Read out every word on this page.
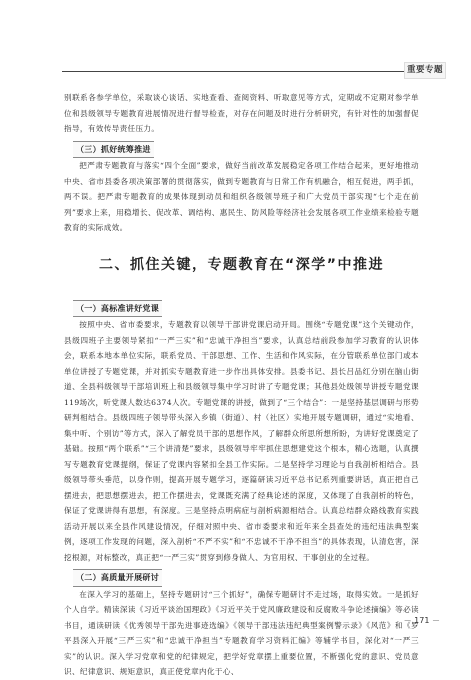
重要专题

别联系各参学单位，采取谈心谈话、实地查看、查阅资料、听取意见等方式，定期或不定期对参学单位和县级领导专题教育进展情况进行督导检查，对存在问题及时进行分析研究，有针对性的加强督促指导，有效传导责任压力。

（三）抓好统筹推进

把严肃专题教育与落实“四个全面”要求，做好当前改革发展稳定各项工作结合起来，更好地推动中央、省市县委各项决策部署的贯彻落实，做到专题教育与日常工作有机融合，相互促进，两手抓，两不误。把严肃专题教育的成果体现到动员和组织各级领导班子和广大党员干部实现“七个走在前列”要求上来，用稳增长、促改革、调结构、惠民生、防风险等经济社会发展各项工作业绩来检验专题教育的实际成效。

二、抓住关键，专题教育在“深学”中推进
（一）高标准讲好党课

按照中央、省市委要求，专题教育以领导干部讲党课启动开局。围绕“专题党课”这个关键动作，县级四班子主要领导紧扣“一严三实”和“忠诚干净担当”要求，认真总结前段参加学习教育的认识体会，联系本地本单位实际，联系党员、干部思想、工作、生活和作风实际，在分管联系单位部门或本单位讲授了专题党课，并对抓实专题教育进一步作出具体安排。县委书记、县长吕品红分别在脑山街道、全县科级领导干部培训班上和县级领导集中学习时讲了专题党课；其他县处级领导讲授专题党课119场次，听党课人数达6374人次。专题党课的讲授，做到了“三个结合”：一是坚持基层调研与形势研判相结合。县级四班子领导带头深入乡镇（街道）、村（社区）实地开展专题调研，通过“实地看、集中听、个别访”等方式，深入了解党员干部的思想作风，了解群众所思所想所盼，为讲好党课奠定了基础。按照“两个联系”“三个讲清楚”要求，县级领导牢牢抓住思想建党这个根本，精心选题，认真撰写专题教育党课提纲，保证了党课内容紧扣全县工作实际。二是坚持学习理论与自我剖析相结合。县级领导带头垂范，以身作则，提高开展专题学习，逐篇研读习近平总书记系列重要讲话，真正把自己摆进去，把思想摆进去，把工作摆进去，党课既充满了经典论述的深度，又体现了自我剖析的特色，保证了党课讲得有思想，有深度。三是坚持点明病症与剖析病源相结合。认真总结群众路线教育实践活动开展以来全县作风建设情况，仔细对照中央、省市委要求和近年来全县查处的违纪违法典型案例，逐项工作发现的问题，深入剖析“不严不实”和“不忠诚不干净不担当”的具体表现，认清危害，深挖根源，对标整改，真正把“一严三实”贯穿到修身做人、为官用权、干事创业的全过程。

（二）高质量开展研讨

在深入学习的基础上，坚持专题研讨“三个抓好”，确保专题研讨不走过场，取得实效。一是抓好个人自学。精读深读《习近平谈治国理政》《习近平关于党风廉政建设和反腐败斗争论述摘编》等必读书目，通读研读《优秀领导干部先进事迹选编》《领导干部违法违纪典型案例警示录》《风范》和《罗平县深入开展“三严三实”和“忠诚干净担当”专题教育学习资料汇编》等辅学书目，深化对“一严三实”的认识。深入学习党章和党的纪律规定，把学好党章摆上重要位置，不断强化党的意识、党员意识、纪律意识、规矩意识，真正使党章内化于心、

－ 171 －
